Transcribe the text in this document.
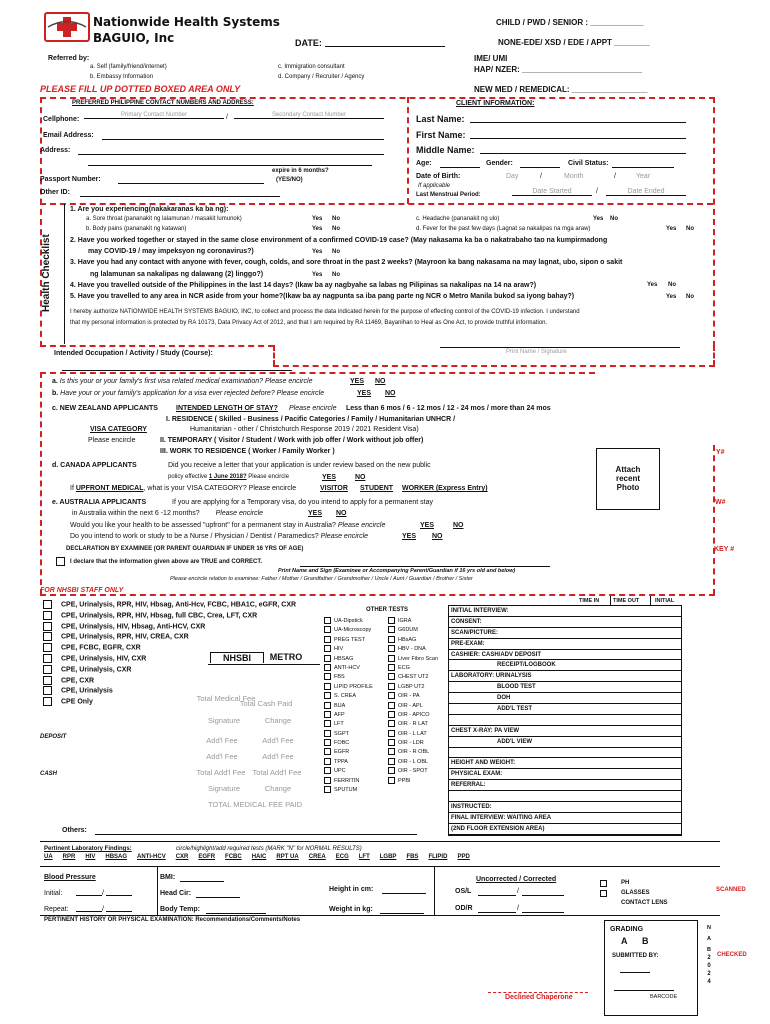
Nationwide Health Systems
BAGUIO, Inc	DATE:
CHILD / PWD / SENIOR : ____________
NONE-EDE/ XSD / EDE / APPT ________
IME/ UMI
HAP/ NZER: ___________________________
NEW MED / REMEDICAL: _________________
Referred by:
a. Self (family/friend/internet)
b. Embassy Information
c. Immigration consultant
d. Company / Recruiter / Agency
PLEASE FILL UP DOTTED BOXED AREA ONLY
PREFERRED PHILIPPINE CONTACT NUMBERS AND ADDRESS:
Cellphone:
Primary Contact Number	/	Secondary Contact Number
Email Address:
Address:
Passport Number:
expire in 6 months?
(YES/NO)
Other ID:
CLIENT INFORMATION:
Last Name:
First Name:
Middle Name:
Age:	Gender:	Civil Status:
Date of Birth:	Day	/	Month	/	Year
If applicable
Last Menstrual Period:	Date Started	/	Date Ended
Health Checklist
1. Are you experiencing(nakakaranas ka ba ng):
a. Sore throat (pananakit ng lalamunan / masakit lumunok)	Yes No
b. Body pains (pananakit ng katawan)	Yes No
c. Headache (pananakit ng ulo)	Yes No
d. Fever for the past few days (Lagnat sa nakalipas na mga araw)	Yes No
2. Have you worked together or stayed in the same close environment of a confirmed COVID-19 case? (May nakasama ka ba o nakatrabaho tao na kumpirmadong
may COVID-19 / may impeksyon ng coronavirus?)	Yes No
3. Have you had any contact with anyone with fever, cough, colds, and sore throat in the past 2 weeks? (Mayroon ka bang nakasama na may lagnat, ubo, sipon o sakit
ng lalamunan sa nakalipas ng dalawang (2) linggo?)	Yes No
4. Have you travelled outside of the Philippines in the last 14 days? (Ikaw ba ay nagbyahe sa labas ng Pilipinas sa nakalipas na 14 na araw?)	Yes No
5. Have you travelled to any area in NCR aside from your home?(Ikaw ba ay nagpunta sa iba pang parte ng NCR o Metro Manila bukod sa iyong bahay?)	Yes No
I hereby authorize NATIONWIDE HEALTH SYSTEMS BAGUIO, INC, to collect and process the data indicated herein for the purpose of effecting control of the COVID-19 infection. I understand
that my personal information is protected by RA 10173, Data Privacy Act of 2012, and that I am required by RA 11469, Bayanihan to Heal as One Act, to provide truthful information.
Print Name / Signature
Intended Occupation / Activity / Study (Course):
a. Is this your or your family's first visa related medical examination? Please encircle	YES NO
b. Have your or your family's application for a visa ever rejected before? Please encircle	YES NO
c. NEW ZEALAND APPLICANTS	INTENDED LENGTH OF STAY? Please encircle Less than 6 mos / 6 - 12 mos / 12 - 24 mos / more than 24 mos
I. RESIDENCE ( Skilled - Business / Pacific Categories / Family / Humanitarian UNHCR /
VISA CATEGORY	Humanitarian - other / Christchurch Response 2019 / 2021 Resident Visa)
Please encircle	II. TEMPORARY ( Visitor / Student / Work with job offer / Work without job offer)
III. WORK TO RESIDENCE ( Worker / Family Worker )
d. CANADA APPLICANTS	Did you receive a letter that your application is under review based on the new public
policy effective 1 June 2018? Please encircle	YES	NO
If UPFRONT MEDICAL, what is your VISA CATEGORY? Please encircle	VISITOR STUDENT WORKER (Express Entry)
e. AUSTRALIA APPLICANTS	If you are applying for a Temporary visa, do you intend to apply for a permanent stay
in Australia within the next 6 -12 months? Please encircle	YES NO
Would you like your health to be assessed "upfront" for a permanent stay in Australia? Please encircle	YES	NO
Do you intend to work or study to be a Nurse / Physician / Dentist / Paramedics? Please encircle	YES NO
DECLARATION BY EXAMINEE (OR PARENT GUARDIAN IF UNDER 16 YRS OF AGE)
I declare that the information given above are TRUE and CORRECT.
Print Name and Sign (Examinee or Accompanying Parent/Guardian if 16 yrs old and below)
Please encircle relation to examinee: Father / Mother / Grandfather / Grandmother / Uncle / Aunt / Guardian / Brother / Sister
Attach
recent
Photo
Y#
W#
KEY #
FOR NHSBI STAFF ONLY
CPE, Urinalysis, RPR, HIV, Hbsag, Anti-Hcv, FCBC, HBA1C, eGFR, CXR
CPE, Urinalysis, RPR, HIV, Hbsag, full CBC, Crea, LFT, CXR
CPE, Urinalysis, HIV, Hbsag, Anti-HCV, CXR
CPE, Urinalysis, RPR, HIV, CREA, CXR
CPE, FCBC, EGFR, CXR
CPE, Urinalysis, HIV, CXR
CPE, Urinalysis, CXR
CPE, CXR
CPE, Urinalysis
CPE Only
NHSBI	METRO
Total Medical Fee
Total Cash Paid
Signature	Change
Add'l Fee	Add'l Fee
Add'l Fee	Add'l Fee
Total Add'l Fee Total Add'l Fee
Signature	Change
TOTAL MEDICAL FEE PAID
DEPOSIT
CASH
OTHER TESTS
UA-Dipstick
UA-Microscopy
PREG TEST
HIV
HBSAG
ANTI-HCV
FBS
LIPID PROFILE
S. CREA
BUA
AFP
LFT
SGPT
FOBC
EGFR
TPPA
UPC
FERRITIN
SPUTUM
IGRA
G6DUM
HBsAG
HBV - DNA
Liver Fibro Scan
ECG
CHEST UT2
LGBP UT2
OIR - PA
OIR - APL
OIR - APICO
OIR - R LAT
OIR - L LAT
OIR - LDR
OIR - R OBL
OIR - L OBL
OIR - SPOT
PPBI
TIME IN	TIME OUT	INITIAL
INITIAL INTERVIEW:
CONSENT:
SCAN/PICTURE:
PRE-EXAM:
CASHIER: CASH/ADV DEPOSIT
RECEIPT/LOGBOOK
LABORATORY: URINALYSIS
BLOOD TEST
DOH
ADD'L TEST
CHEST X-RAY: PA VIEW
ADD'L VIEW
HEIGHT AND WEIGHT:
PHYSICAL EXAM:
REFERRAL:
INSTRUCTED:
FINAL INTERVIEW: WAITING AREA
(2ND FLOOR EXTENSION AREA)
Others:
Pertinent Laboratory Findings:	circle/highlight/add required tests (MARK "N" for NORMAL RESULTS)
UA RPR HIV HBSAG ANTI-HCV CXR EGFR FCBC HAIC RPT UA CREA ECG LFT LGBP FBS FLIPID PPD
Blood Pressure
Initial:	/
Repeat:	/
BMI:
Head Cir:
Body Temp:
Height in cm:
Weight in kg:
Uncorrected / Corrected
OS/L	/
OD/R	/
PH
GLASSES
CONTACT LENS
SCANNED
PERTINENT HISTORY OR PHYSICAL EXAMINATION: Recommendations/Comments/Notes
GRADING
A B
SUBMITTED BY:
BARCODE
N A B
CHECKED
2 0 2 4
Declined Chaperone
